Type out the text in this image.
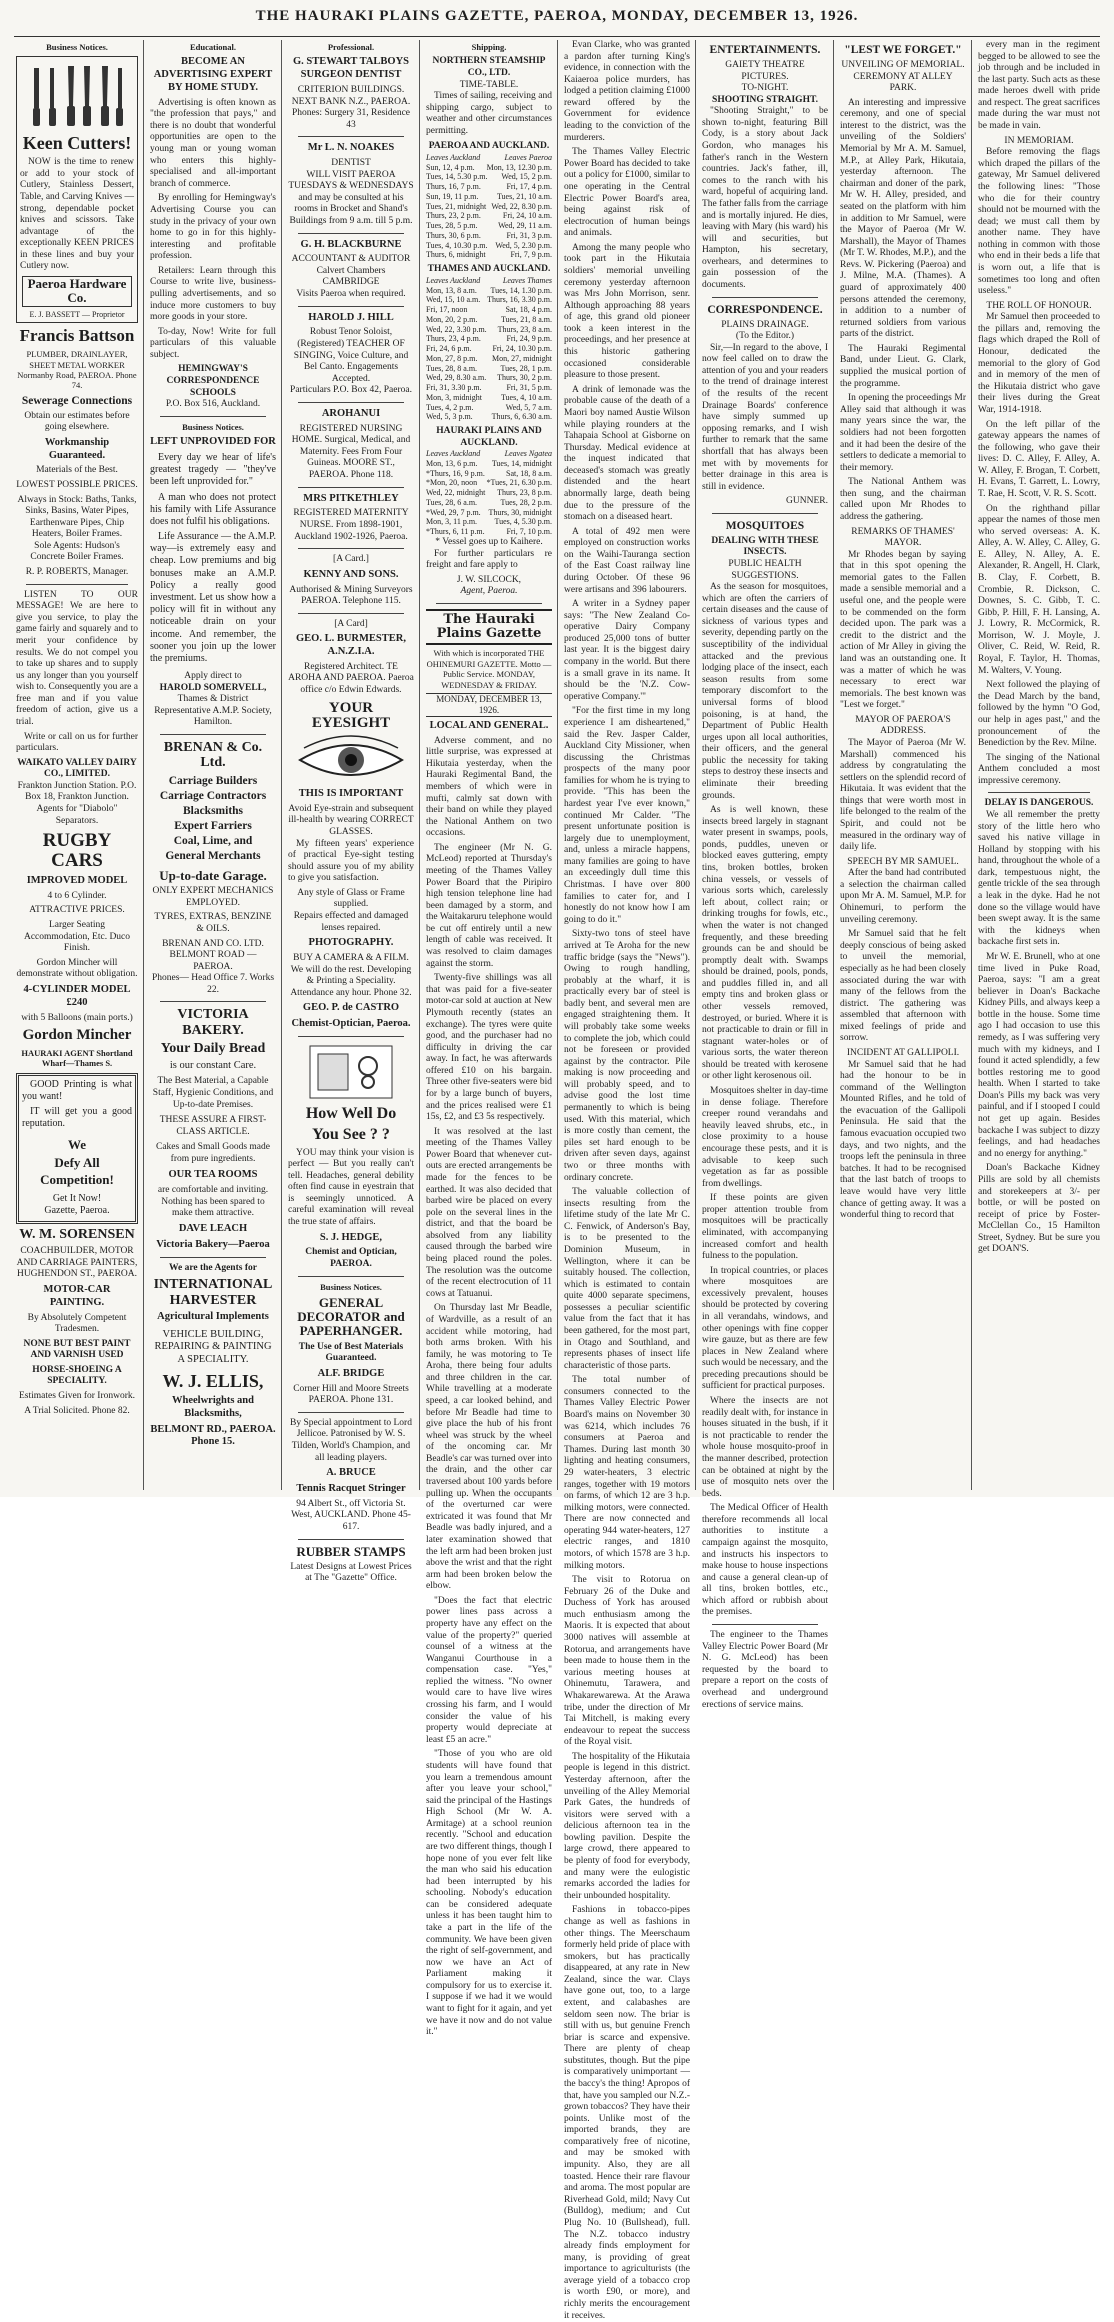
THE HAURAKI PLAINS GAZETTE, PAEROA, MONDAY, DECEMBER 13, 1926.
Business Notices.
Keen Cutters!

NOW is the time to renew or add to your stock of Cutlery, Stainless Dessert, Table, and Carving Knives — strong, dependable pocket knives and scissors. Take advantage of the exceptionally KEEN PRICES in these lines and buy your Cutlery now.

Paeroa Hardware Co.
E. J. BASSETT — Proprietor
Francis Battson
PLUMBER, DRAINLAYER, SHEET METAL WORKER
Normanby Road, PAEROA. Phone 74.
Sewerage Connections
Obtain our estimates before going elsewhere.
Workmanship Guaranteed.
Materials of the Best.
LOWEST POSSIBLE PRICES.
Always in Stock: Baths, Tanks, Sinks, Basins, Water Pipes, Earthenware Pipes, Chip Heaters, Boiler Frames.
Sole Agents: Hudson's Concrete Boiler Frames.
R. P. ROBERTS, Manager.

LISTEN TO OUR MESSAGE! We are here to give you service, to play the game fairly and squarely and to merit your confidence by results. We do not compel you to take up shares and to supply us any longer than you yourself wish to. Consequently you are a free man and if you value freedom of action, give us a trial.

Write or call on us for further particulars.

WAIKATO VALLEY DAIRY CO., LIMITED.
Frankton Junction Station. P.O. Box 18, Frankton Junction. Agents for "Diabolo" Separators.
RUGBY CARS
IMPROVED MODEL
4 to 6 Cylinder.
ATTRACTIVE PRICES.
Larger Seating Accommodation, Etc. Duco Finish.
Gordon Mincher will demonstrate without obligation.
4-CYLINDER MODEL £240
with 5 Balloons (main ports.)
Gordon Mincher
HAURAKI AGENT Shortland Wharf—Thames S.

GOOD Printing is what you want!

IT will get you a good reputation.

We
Defy All
Competition!
Get It Now!
Gazette, Paeroa.
W. M. SORENSEN
COACHBUILDER, MOTOR AND CARRIAGE PAINTERS, HUGHENDON ST., PAEROA.
MOTOR-CAR PAINTING.
By Absolutely Competent Tradesmen.
NONE BUT BEST PAINT AND VARNISH USED
HORSE-SHOEING A SPECIALITY.
Estimates Given for Ironwork.
A Trial Solicited. Phone 82.
Educational.
BECOME AN ADVERTISING EXPERT BY HOME STUDY.

Advertising is often known as "the profession that pays," and there is no doubt that wonderful opportunities are open to the young man or young woman who enters this highly-specialised and all-important branch of commerce.

By enrolling for Hemingway's Advertising Course you can study in the privacy of your own home to go in for this highly-interesting and profitable profession.

Retailers: Learn through this Course to write live, business-pulling advertisements, and so induce more customers to buy more goods in your store.

To-day, Now! Write for full particulars of this valuable subject.

HEMINGWAY'S CORRESPONDENCE SCHOOLS
P.O. Box 516, Auckland.
Business Notices.
LEFT UNPROVIDED FOR

Every day we hear of life's greatest tragedy — "they've been left unprovided for."

A man who does not protect his family with Life Assurance does not fulfil his obligations.

Life Assurance — the A.M.P. way—is extremely easy and cheap. Low premiums and big bonuses make an A.M.P. Policy a really good investment. Let us show how a policy will fit in without any noticeable drain on your income. And remember, the sooner you join up the lower the premiums.

Apply direct to
HAROLD SOMERVELL,
Thames & District Representative A.M.P. Society, Hamilton.
BRENAN & Co. Ltd.
Carriage Builders
Carriage Contractors
Blacksmiths
Expert Farriers
Coal, Lime, and
General Merchants
Up-to-date Garage.
ONLY EXPERT MECHANICS EMPLOYED.
TYRES, EXTRAS, BENZINE & OILS.
BRENAN AND CO. LTD. BELMONT ROAD — PAEROA.
Phones— Head Office 7. Works 22.
VICTORIA BAKERY.
Your Daily Bread
is our constant Care.
The Best Material, a Capable Staff, Hygienic Conditions, and Up-to-date Premises.
THESE ASSURE A FIRST-CLASS ARTICLE.
Cakes and Small Goods made from pure ingredients.
OUR TEA ROOMS
are comfortable and inviting. Nothing has been spared to make them attractive.
DAVE LEACH
Victoria Bakery—Paeroa
We are the Agents for
INTERNATIONAL HARVESTER
Agricultural Implements
VEHICLE BUILDING, REPAIRING & PAINTING A SPECIALITY.
W. J. ELLIS,
Wheelwrights and Blacksmiths,
BELMONT RD., PAEROA. Phone 15.
Professional.
G. STEWART TALBOYS SURGEON DENTIST
CRITERION BUILDINGS. NEXT BANK N.Z., PAEROA.
Phones: Surgery 31, Residence 43
Mr L. N. NOAKES
DENTIST
WILL VISIT PAEROA TUESDAYS & WEDNESDAYS and may be consulted at his rooms in Brocket and Shand's Buildings from 9 a.m. till 5 p.m.
G. H. BLACKBURNE
ACCOUNTANT & AUDITOR
Calvert Chambers CAMBRIDGE
Visits Paeroa when required.
HAROLD J. HILL
Robust Tenor Soloist, (Registered) TEACHER OF SINGING, Voice Culture, and Bel Canto. Engagements Accepted.
Particulars P.O. Box 42, Paeroa.
AROHANUI
REGISTERED NURSING HOME. Surgical, Medical, and Maternity. Fees From Four Guineas. MOORE ST., PAEROA. Phone 118.
MRS PITKETHLEY
REGISTERED MATERNITY NURSE. From 1898-1901, Auckland 1902-1926, Paeroa.
[A Card.]
KENNY AND SONS.
Authorised & Mining Surveyors PAEROA. Telephone 115.
[A Card]
GEO. L. BURMESTER, A.N.Z.I.A.
Registered Architect. TE AROHA AND PAEROA. Paeroa office c/o Edwin Edwards.
YOUR EYESIGHT
THIS IS IMPORTANT
Avoid Eye-strain and subsequent ill-health by wearing CORRECT GLASSES.

My fifteen years' experience of practical Eye-sight testing should assure you of my ability to give you satisfaction.

Any style of Glass or Frame supplied.
Repairs effected and damaged lenses repaired.
PHOTOGRAPHY.
BUY A CAMERA & A FILM. We will do the rest. Developing & Printing a Speciality. Attendance any hour. Phone 32.
GEO. P. de CASTRO
Chemist-Optician, Paeroa.
How Well Do
You See ? ?

YOU may think your vision is perfect — But you really can't tell. Headaches, general debility often find cause in eyestrain that is seemingly unnoticed. A careful examination will reveal the true state of affairs.

S. J. HEDGE,
Chemist and Optician, PAEROA.
Business Notices.
GENERAL DECORATOR and PAPERHANGER.
The Use of Best Materials Guaranteed.
ALF. BRIDGE
Corner Hill and Moore Streets PAEROA. Phone 131.
By Special appointment to Lord Jellicoe. Patronised by W. S. Tilden, World's Champion, and all leading players.
A. BRUCE
Tennis Racquet Stringer
94 Albert St., off Victoria St. West, AUCKLAND. Phone 45-617.
RUBBER STAMPS
Latest Designs at Lowest Prices at The "Gazette" Office.
Shipping.
NORTHERN STEAMSHIP CO., LTD.
TIME-TABLE.

Times of sailing, receiving and shipping cargo, subject to weather and other circumstances permitting.

PAEROA AND AUCKLAND.
Leaves Auckland	Leaves Paeroa
Sun, 12, 4 p.m. Mon, 13, 12.30 p.m.
Tues, 14, 5.30 p.m. Wed, 15, 2 p.m.
Thurs, 16, 7 p.m.	Fri, 17, 4 p.m.
Sun, 19, 11 p.m. Tues, 21, 10 a.m.
Tues, 21, midnight Wed, 22, 8.30 p.m.
Thurs, 23, 2 p.m.	Fri, 24, 10 a.m.
Tues, 28, 5 p.m.	Wed, 29, 11 a.m.
Thurs, 30, 6 p.m.	Fri, 31, 3 p.m.
Tues, 4, 10.30 p.m. Wed, 5, 2.30 p.m.
Thurs, 6, midnight	Fri, 7, 9 p.m.
THAMES AND AUCKLAND.
Leaves Auckland	Leaves Thames
Mon, 13, 8 a.m. Tues, 14, 1.30 p.m.
Wed, 15, 10 a.m. Thurs, 16, 3.30 p.m.
Fri, 17, noon	Sat, 18, 4 p.m.
Mon, 20, 2 p.m.	Tues, 21, 8 a.m.
Wed, 22, 3.30 p.m. Thurs, 23, 8 a.m.
Thurs, 23, 4 p.m.	Fri, 24, 9 p.m.
Fri, 24, 6 p.m.	Fri, 24, 10.30 p.m.
Mon, 27, 8 p.m. Mon, 27, midnight
Tues, 28, 8 a.m.	Tues, 28, 1 p.m.
Wed, 29, 8.30 a.m. Thurs, 30, 2 p.m.
Fri, 31, 3.30 p.m.	Fri, 31, 5 p.m.
Mon, 3, midnight Tues, 4, 10 a.m.
Tues, 4, 2 p.m.	Wed, 5, 7 a.m.
Wed, 5, 3 p.m. Thurs, 6, 6.30 a.m.
HAURAKI PLAINS AND AUCKLAND.
Leaves Auckland	Leaves Ngatea
Mon, 13, 6 p.m. Tues, 14, midnight
*Thurs, 16, 9 p.m.	Sat, 18, 8 a.m.
*Mon, 20, noon *Tues, 21, 6.30 p.m.
Wed, 22, midnight Thurs, 23, 8 p.m.
Tues, 28, 6 a.m.	Tues, 28, 2 p.m.
*Wed, 29, 7 p.m. Thurs, 30, midnight
Mon, 3, 11 p.m. Tues, 4, 5.30 p.m.
*Thurs, 6, 11 p.m.	Fri, 7, 10 p.m.
* Vessel goes up to Kaihere.

For further particulars re freight and fare apply to

J. W. SILCOCK,
Agent, Paeroa.
The Hauraki Plains Gazette
With which is incorporated THE OHINEMURI GAZETTE. Motto — Public Service. MONDAY, WEDNESDAY & FRIDAY.
MONDAY, DECEMBER 13, 1926.
LOCAL AND GENERAL.

Adverse comment, and no little surprise, was expressed at Hikutaia yesterday, when the Hauraki Regimental Band, the members of which were in mufti, calmly sat down with their band on while they played the National Anthem on two occasions.

The engineer (Mr N. G. McLeod) reported at Thursday's meeting of the Thames Valley Power Board that the Piripiro high tension telephone line had been damaged by a storm, and the Waitakaruru telephone would be cut off entirely until a new length of cable was received. It was resolved to claim damages against the storm.

Twenty-five shillings was all that was paid for a five-seater motor-car sold at auction at New Plymouth recently (states an exchange). The tyres were quite good, and the purchaser had no difficulty in driving the car away. In fact, he was afterwards offered £10 on his bargain. Three other five-seaters were bid for by a large bunch of buyers, and the prices realised were £1 15s, £2, and £3 5s respectively.

It was resolved at the last meeting of the Thames Valley Power Board that whenever cut-outs are erected arrangements be made for the fences to be earthed. It was also decided that barbed wire be placed on every pole on the several lines in the district, and that the board be absolved from any liability caused through the barbed wire being placed round the poles. The resolution was the outcome of the recent electrocution of 11 cows at Tatuanui.

On Thursday last Mr Beadle, of Wardville, as a result of an accident while motoring, had both arms broken. With his family, he was motoring to Te Aroha, there being four adults and three children in the car. While travelling at a moderate speed, a car looked behind, and before Mr Beadle had time to give place the hub of his front wheel was struck by the wheel of the oncoming car. Mr Beadle's car was turned over into the drain, and the other car traversed about 100 yards before pulling up. When the occupants of the overturned car were extricated it was found that Mr Beadle was badly injured, and a later examination showed that the left arm had been broken just above the wrist and that the right arm had been broken below the elbow.

"Does the fact that electric power lines pass across a property have any effect on the value of the property?" queried counsel of a witness at the Wanganui Courthouse in a compensation case. "Yes," replied the witness. "No owner would care to have live wires crossing his farm, and I would consider the value of his property would depreciate at least £5 an acre."

"Those of you who are old students will have found that you learn a tremendous amount after you leave your school," said the principal of the Hastings High School (Mr W. A. Armitage) at a school reunion recently. "School and education are two different things, though I hope none of you ever felt like the man who said his education had been interrupted by his schooling. Nobody's education can be considered adequate unless it has been taught him to take a part in the life of the community. We have been given the right of self-government, and now we have an Act of Parliament making it compulsory for us to exercise it. I suppose if we had it we would want to fight for it again, and yet we have it now and do not value it."

Evan Clarke, who was granted a pardon after turning King's evidence, in connection with the Kaiaeroa police murders, has lodged a petition claiming £1000 reward offered by the Government for evidence leading to the conviction of the murderers.

The Thames Valley Electric Power Board has decided to take out a policy for £1000, similar to one operating in the Central Electric Power Board's area, being against risk of electrocution of human beings and animals.

Among the many people who took part in the Hikutaia soldiers' memorial unveiling ceremony yesterday afternoon was Mrs John Morrison, senr. Although approaching 88 years of age, this grand old pioneer took a keen interest in the proceedings, and her presence at this historic gathering occasioned considerable pleasure to those present.

A drink of lemonade was the probable cause of the death of a Maori boy named Austie Wilson while playing rounders at the Tahapaia School at Gisborne on Thursday. Medical evidence at the inquest indicated that deceased's stomach was greatly distended and the heart abnormally large, death being due to the pressure of the stomach on a diseased heart.

A total of 492 men were employed on construction works on the Waihi-Tauranga section of the East Coast railway line during October. Of these 96 were artisans and 396 labourers.

A writer in a Sydney paper says: "The New Zealand Co-operative Dairy Company produced 25,000 tons of butter last year. It is the biggest dairy company in the world. But there is a small grave in its name. It should be the 'N.Z. Cow-operative Company.'"

"For the first time in my long experience I am disheartened," said the Rev. Jasper Calder, Auckland City Missioner, when discussing the Christmas prospects of the many poor families for whom he is trying to provide. "This has been the hardest year I've ever known," continued Mr Calder. "The present unfortunate position is largely due to unemployment, and, unless a miracle happens, many families are going to have an exceedingly dull time this Christmas. I have over 800 families to cater for, and I honestly do not know how I am going to do it."

Sixty-two tons of steel have arrived at Te Aroha for the new traffic bridge (says the "News"). Owing to rough handling, probably at the wharf, it is practically every bar of steel is badly bent, and several men are engaged straightening them. It will probably take some weeks to complete the job, which could not be foreseen or provided against by the contractor. Pile making is now proceeding and will probably speed, and to advise good the lost time permanently to which is being used. With this material, which is more costly than cement, the piles set hard enough to be driven after seven days, against two or three months with ordinary concrete.

The valuable collection of insects resulting from the lifetime study of the late Mr C. C. Fenwick, of Anderson's Bay, is to be presented to the Dominion Museum, in Wellington, where it can be suitably housed. The collection, which is estimated to contain quite 4000 separate specimens, possesses a peculiar scientific value from the fact that it has been gathered, for the most part, in Otago and Southland, and represents phases of insect life characteristic of those parts.

The total number of consumers connected to the Thames Valley Electric Power Board's mains on November 30 was 6214, which includes 76 consumers at Paeroa and Thames. During last month 30 lighting and heating consumers, 29 water-heaters, 3 electric ranges, together with 19 motors on farms, of which 12 are 3 h.p. milking motors, were connected. There are now connected and operating 944 water-heaters, 127 electric ranges, and 1810 motors, of which 1578 are 3 h.p. milking motors.

The visit to Rotorua on February 26 of the Duke and Duchess of York has aroused much enthusiasm among the Maoris. It is expected that about 3000 natives will assemble at Rotorua, and arrangements have been made to house them in the various meeting houses at Ohinemutu, Tarawera, and Whakarewarewa. At the Arawa tribe, under the direction of Mr Tai Mitchell, is making every endeavour to repeat the success of the Royal visit.

The hospitality of the Hikutaia people is legend in this district. Yesterday afternoon, after the unveiling of the Alley Memorial Park Gates, the hundreds of visitors were served with a delicious afternoon tea in the bowling pavilion. Despite the large crowd, there appeared to be plenty of food for everybody, and many were the eulogistic remarks accorded the ladies for their unbounded hospitality.

Fashions in tobacco-pipes change as well as fashions in other things. The Meerschaum formerly held pride of place with smokers, but has practically disappeared, at any rate in New Zealand, since the war. Clays have gone out, too, to a large extent, and calabashes are seldom seen now. The briar is still with us, but genuine French briar is scarce and expensive. There are plenty of cheap substitutes, though. But the pipe is comparatively unimportant — the baccy's the thing! Apropos of that, have you sampled our N.Z.-grown tobaccos? They have their points. Unlike most of the imported brands, they are comparatively free of nicotine, and may be smoked with impunity. Also, they are all toasted. Hence their rare flavour and aroma. The most popular are Riverhead Gold, mild; Navy Cut (Bulldog), medium; and Cut Plug No. 10 (Bullshead), full. The N.Z. tobacco industry already finds employment for many, is providing of great importance to agriculturists (the average yield of a tobacco crop is worth £90, or more), and richly merits the encouragement it receives.

ENTERTAINMENTS.
GAIETY THEATRE PICTURES.
TO-NIGHT.
SHOOTING STRAIGHT.

"Shooting Straight," to be shown to-night, featuring Bill Cody, is a story about Jack Gordon, who manages his father's ranch in the Western countries. Jack's father, ill, comes to the ranch with his ward, hopeful of acquiring land. The father falls from the carriage and is mortally injured. He dies, leaving with Mary (his ward) his will and securities, but Hampton, his secretary, overhears, and determines to gain possession of the documents.

CORRESPONDENCE.
PLAINS DRAINAGE.
(To the Editor.)

Sir,—In regard to the above, I now feel called on to draw the attention of you and your readers to the trend of drainage interest of the results of the recent Drainage Boards' conference have simply summed up opposing remarks, and I wish further to remark that the same shortfall that has always been met with by movements for better drainage in this area is still in evidence.

GUNNER.
MOSQUITOES
DEALING WITH THESE INSECTS.
PUBLIC HEALTH SUGGESTIONS.

As the season for mosquitoes, which are often the carriers of certain diseases and the cause of sickness of various types and severity, depending partly on the susceptibility of the individual attacked and the previous lodging place of the insect, each season results from some temporary discomfort to the universal forms of blood poisoning, is at hand, the Department of Public Health urges upon all local authorities, their officers, and the general public the necessity for taking steps to destroy these insects and eliminate their breeding grounds.

As is well known, these insects breed largely in stagnant water present in swamps, pools, ponds, puddles, uneven or blocked eaves guttering, empty tins, broken bottles, broken china vessels, or vessels of various sorts which, carelessly left about, collect rain; or drinking troughs for fowls, etc., when the water is not changed frequently, and these breeding grounds can be and should be promptly dealt with. Swamps should be drained, pools, ponds, and puddles filled in, and all empty tins and broken glass or other vessels removed, destroyed, or buried. Where it is not practicable to drain or fill in stagnant water-holes or of various sorts, the water thereon should be treated with kerosene or other light kerosenous oil.

Mosquitoes shelter in day-time in dense foliage. Therefore creeper round verandahs and heavily leaved shrubs, etc., in close proximity to a house encourage these pests, and it is advisable to keep such vegetation as far as possible from dwellings.

If these points are given proper attention trouble from mosquitoes will be practically eliminated, with accompanying increased comfort and health fulness to the population.

In tropical countries, or places where mosquitoes are excessively prevalent, houses should be protected by covering in all verandahs, windows, and other openings with fine copper wire gauze, but as there are few places in New Zealand where such would be necessary, and the preceding precautions should be sufficient for practical purposes.

Where the insects are not readily dealt with, for instance in houses situated in the bush, if it is not practicable to render the whole house mosquito-proof in the manner described, protection can be obtained at night by the use of mosquito nets over the beds.

The Medical Officer of Health therefore recommends all local authorities to institute a campaign against the mosquito, and instructs his inspectors to make house to house inspections and cause a general clean-up of all tins, broken bottles, etc., which afford or rubbish about the premises.

The engineer to the Thames Valley Electric Power Board (Mr N. G. McLeod) has been requested by the board to prepare a report on the costs of overhead and underground erections of service mains.

"LEST WE FORGET."
UNVEILING OF MEMORIAL.
CEREMONY AT ALLEY PARK.

An interesting and impressive ceremony, and one of special interest to the district, was the unveiling of the Soldiers' Memorial by Mr A. M. Samuel, M.P., at Alley Park, Hikutaia, yesterday afternoon. The chairman and doner of the park, Mr W. H. Alley, presided, and seated on the platform with him in addition to Mr Samuel, were the Mayor of Paeroa (Mr W. Marshall), the Mayor of Thames (Mr T. W. Rhodes, M.P.), and the Revs. W. Pickering (Paeroa) and J. Milne, M.A. (Thames). A guard of approximately 400 persons attended the ceremony, in addition to a number of returned soldiers from various parts of the district.

The Hauraki Regimental Band, under Lieut. G. Clark, supplied the musical portion of the programme.

In opening the proceedings Mr Alley said that although it was many years since the war, the soldiers had not been forgotten and it had been the desire of the settlers to dedicate a memorial to their memory.

The National Anthem was then sung, and the chairman called upon Mr Rhodes to address the gathering.

REMARKS OF THAMES' MAYOR.

Mr Rhodes began by saying that in this spot opening the memorial gates to the Fallen made a sensible memorial and a useful one, and the people were to be commended on the form decided upon. The park was a credit to the district and the action of Mr Alley in giving the land was an outstanding one. It was a matter of which he was necessary to erect war memorials. The best known was "Lest we forget."

MAYOR OF PAEROA'S ADDRESS.

The Mayor of Paeroa (Mr W. Marshall) commenced his address by congratulating the settlers on the splendid record of Hikutaia. It was evident that the things that were worth most in life belonged to the realm of the Spirit, and could not be measured in the ordinary way of daily life.

SPEECH BY MR SAMUEL.

After the band had contributed a selection the chairman called upon Mr A. M. Samuel, M.P. for Ohinemuri, to perform the unveiling ceremony.

Mr Samuel said that he felt deeply conscious of being asked to unveil the memorial, especially as he had been closely associated during the war with many of the fellows from the district. The gathering was assembled that afternoon with mixed feelings of pride and sorrow.

INCIDENT AT GALLIPOLI.

Mr Samuel said that he had had the honour to be in command of the Wellington Mounted Rifles, and he told of the evacuation of the Gallipoli Peninsula. He said that the famous evacuation occupied two days, and two nights, and the troops left the peninsula in three batches. It had to be recognised that the last batch of troops to leave would have very little chance of getting away. It was a wonderful thing to record that

every man in the regiment begged to be allowed to see the job through and be included in the last party. Such acts as these made heroes dwell with pride and respect. The great sacrifices made during the war must not be made in vain.

IN MEMORIAM.

Before removing the flags which draped the pillars of the gateway, Mr Samuel delivered the following lines: "Those who die for their country should not be mourned with the dead; we must call them by another name. They have nothing in common with those who end in their beds a life that is worn out, a life that is sometimes too long and often useless."

THE ROLL OF HONOUR.

Mr Samuel then proceeded to the pillars and, removing the flags which draped the Roll of Honour, dedicated the memorial to the glory of God and in memory of the men of the Hikutaia district who gave their lives during the Great War, 1914-1918.

On the left pillar of the gateway appears the names of the following, who gave their lives: D. C. Alley, F. Alley, A. W. Alley, F. Brogan, T. Corbett, H. Evans, T. Garrett, L. Lowry, T. Rae, H. Scott, V. R. S. Scott.

On the righthand pillar appear the names of those men who served overseas: A. K. Alley, A. W. Alley, C. Alley, G. E. Alley, N. Alley, A. E. Alexander, R. Angell, H. Clark, B. Clay, F. Corbett, B. Crombie, R. Dickson, C. Downes, S. C. Gibb, T. C. Gibb, P. Hill, F. H. Lansing, A. J. Lowry, R. McCormick, R. Morrison, W. J. Moyle, J. Oliver, C. Reid, W. Reid, R. Royal, F. Taylor, H. Thomas, M. Walters, V. Young.

Next followed the playing of the Dead March by the band, followed by the hymn "O God, our help in ages past," and the pronouncement of the Benediction by the Rev. Milne.

The singing of the National Anthem concluded a most impressive ceremony.

DELAY IS DANGEROUS.

We all remember the pretty story of the little hero who saved his native village in Holland by stopping with his hand, throughout the whole of a dark, tempestuous night, the gentle trickle of the sea through a leak in the dyke. Had he not done so the village would have been swept away. It is the same with the kidneys when backache first sets in.

Mr W. E. Brunell, who at one time lived in Puke Road, Paeroa, says: "I am a great believer in Doan's Backache Kidney Pills, and always keep a bottle in the house. Some time ago I had occasion to use this remedy, as I was suffering very much with my kidneys, and I found it acted splendidly, a few bottles restoring me to good health. When I started to take Doan's Pills my back was very painful, and if I stooped I could not get up again. Besides backache I was subject to dizzy feelings, and had headaches and no energy for anything."

Doan's Backache Kidney Pills are sold by all chemists and storekeepers at 3/- per bottle, or will be posted on receipt of price by Foster-McClellan Co., 15 Hamilton Street, Sydney. But be sure you get DOAN'S.
